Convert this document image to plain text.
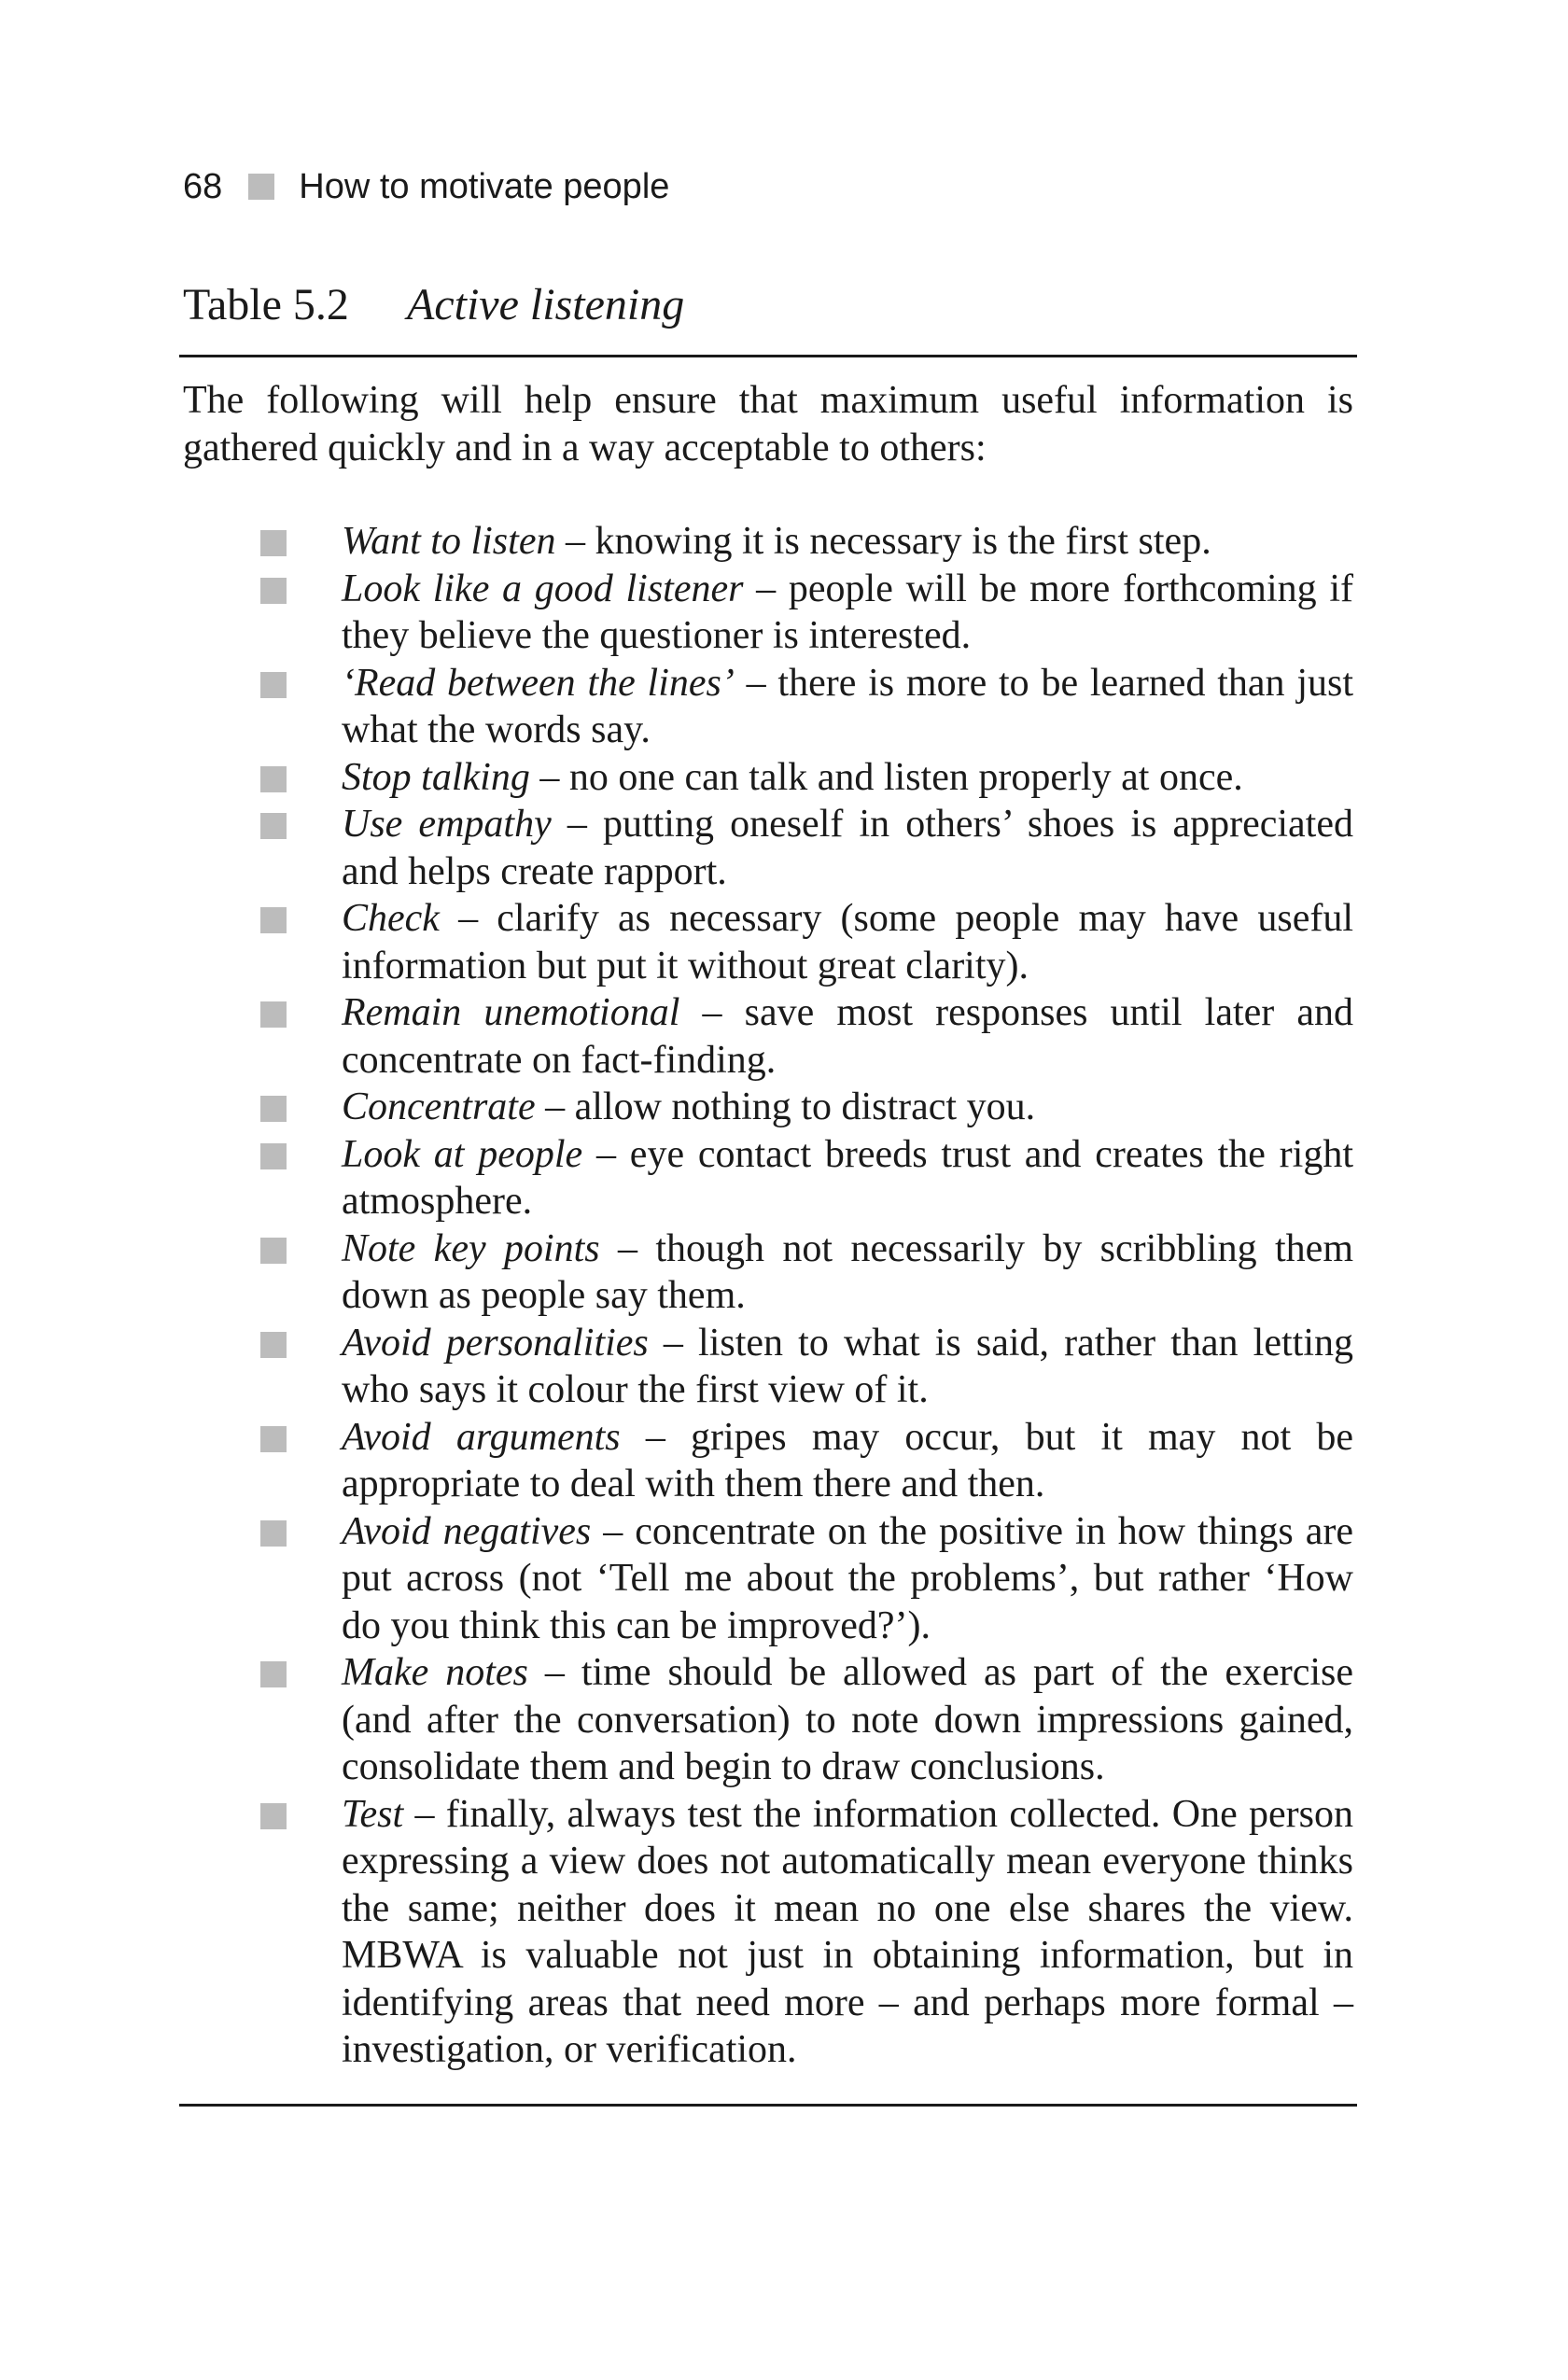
68 How to motivate people
Table 5.2 Active listening

The following will help ensure that maximum useful information is gathered quickly and in a way acceptable to others:

Want to listen – knowing it is necessary is the first step.
Look like a good listener – people will be more forthcoming if they believe the questioner is interested.
‘Read between the lines’ – there is more to be learned than just what the words say.
Stop talking – no one can talk and listen properly at once.
Use empathy – putting oneself in others’ shoes is appreciated and helps create rapport.
Check – clarify as necessary (some people may have useful information but put it without great clarity).
Remain unemotional – save most responses until later and concentrate on fact-finding.
Concentrate – allow nothing to distract you.
Look at people – eye contact breeds trust and creates the right atmosphere.
Note key points – though not necessarily by scribbling them down as people say them.
Avoid personalities – listen to what is said, rather than letting who says it colour the first view of it.
Avoid arguments – gripes may occur, but it may not be appropriate to deal with them there and then.
Avoid negatives – concentrate on the positive in how things are put across (not ‘Tell me about the problems’, but rather ‘How do you think this can be improved?’).
Make notes – time should be allowed as part of the exercise (and after the conversation) to note down impressions gained, consolidate them and begin to draw conclusions.
Test – finally, always test the information collected. One person expressing a view does not automatically mean everyone thinks the same; neither does it mean no one else shares the view. MBWA is valuable not just in obtaining information, but in identifying areas that need more – and perhaps more formal – investigation, or verification.
